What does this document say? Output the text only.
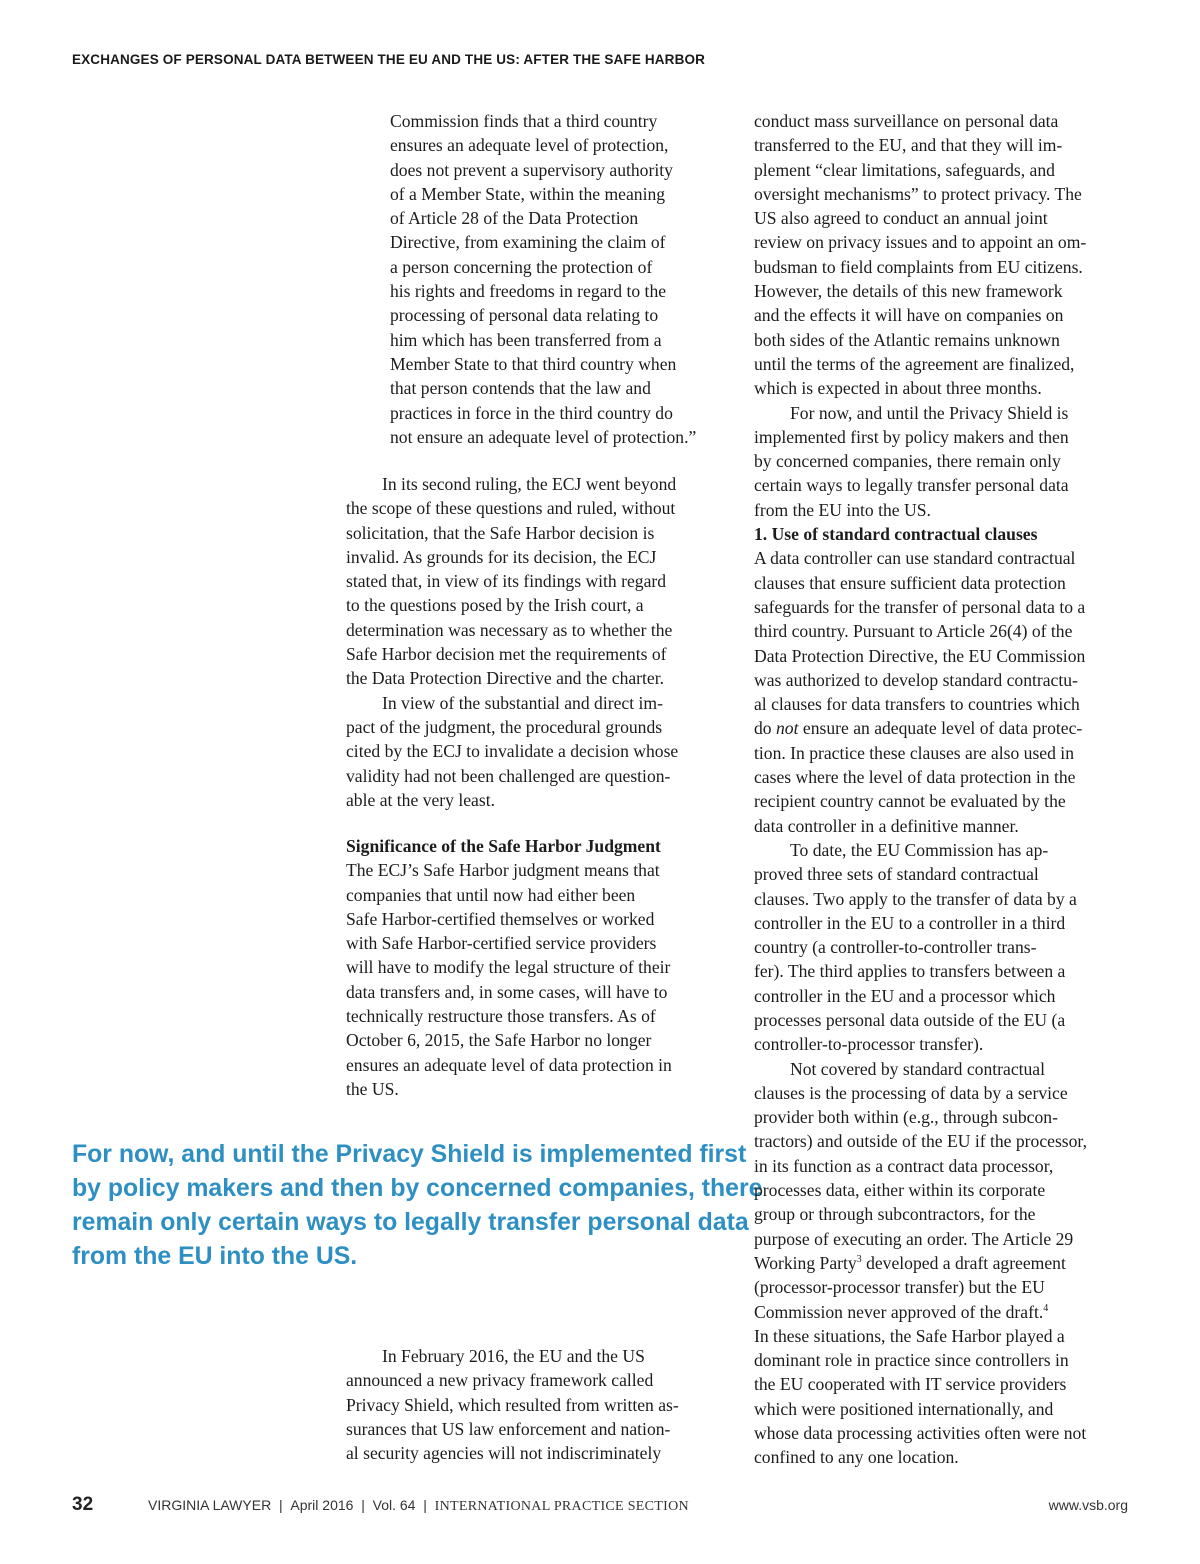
EXCHANGES OF PERSONAL DATA BETWEEN THE EU AND THE US: AFTER THE SAFE HARBOR
Commission finds that a third country
ensures an adequate level of protection,
does not prevent a supervisory authority
of a Member State, within the meaning
of Article 28 of the Data Protection
Directive, from examining the claim of
a person concerning the protection of
his rights and freedoms in regard to the
processing of personal data relating to
him which has been transferred from a
Member State to that third country when
that person contends that the law and
practices in force in the third country do
not ensure an adequate level of protection.”

In its second ruling, the ECJ went beyond
the scope of these questions and ruled, without
solicitation, that the Safe Harbor decision is
invalid. As grounds for its decision, the ECJ
stated that, in view of its findings with regard
to the questions posed by the Irish court, a
determination was necessary as to whether the
Safe Harbor decision met the requirements of
the Data Protection Directive and the charter.

In view of the substantial and direct im-
pact of the judgment, the procedural grounds
cited by the ECJ to invalidate a decision whose
validity had not been challenged are question-
able at the very least.

Significance of the Safe Harbor Judgment

The ECJ’s Safe Harbor judgment means that
companies that until now had either been
Safe Harbor-certified themselves or worked
with Safe Harbor-certified service providers
will have to modify the legal structure of their
data transfers and, in some cases, will have to
technically restructure those transfers. As of
October 6, 2015, the Safe Harbor no longer
ensures an adequate level of data protection in
the US.

For now, and until the Privacy Shield is implemented first
by policy makers and then by concerned companies, there
remain only certain ways to legally transfer personal data
from the EU into the US.

In February 2016, the EU and the US
announced a new privacy framework called
Privacy Shield, which resulted from written as-
surances that US law enforcement and nation-
al security agencies will not indiscriminately

conduct mass surveillance on personal data
transferred to the EU, and that they will im-
plement “clear limitations, safeguards, and
oversight mechanisms” to protect privacy. The
US also agreed to conduct an annual joint
review on privacy issues and to appoint an om-
budsman to field complaints from EU citizens.
However, the details of this new framework
and the effects it will have on companies on
both sides of the Atlantic remains unknown
until the terms of the agreement are finalized,
which is expected in about three months.

For now, and until the Privacy Shield is
implemented first by policy makers and then
by concerned companies, there remain only
certain ways to legally transfer personal data
from the EU into the US.

1. Use of standard contractual clauses

A data controller can use standard contractual
clauses that ensure sufficient data protection
safeguards for the transfer of personal data to a
third country. Pursuant to Article 26(4) of the
Data Protection Directive, the EU Commission
was authorized to develop standard contractu-
al clauses for data transfers to countries which
do not ensure an adequate level of data protec-
tion. In practice these clauses are also used in
cases where the level of data protection in the
recipient country cannot be evaluated by the
data controller in a definitive manner.

To date, the EU Commission has ap-
proved three sets of standard contractual
clauses. Two apply to the transfer of data by a
controller in the EU to a controller in a third
country (a controller-to-controller trans-
fer). The third applies to transfers between a
controller in the EU and a processor which
processes personal data outside of the EU (a
controller-to-processor transfer).

Not covered by standard contractual
clauses is the processing of data by a service
provider both within (e.g., through subcon-
tractors) and outside of the EU if the processor,
in its function as a contract data processor,
processes data, either within its corporate
group or through subcontractors, for the
purpose of executing an order. The Article 29
Working Party$^3$ developed a draft agreement
(processor-processor transfer) but the EU
Commission never approved of the draft.$^4$
In these situations, the Safe Harbor played a
dominant role in practice since controllers in
the EU cooperated with IT service providers
which were positioned internationally, and
whose data processing activities often were not
confined to any one location.

32	VIRGINIA LAWYER | April 2016 | Vol. 64 | INTERNATIONAL PRACTICE SECTION	www.vsb.org
